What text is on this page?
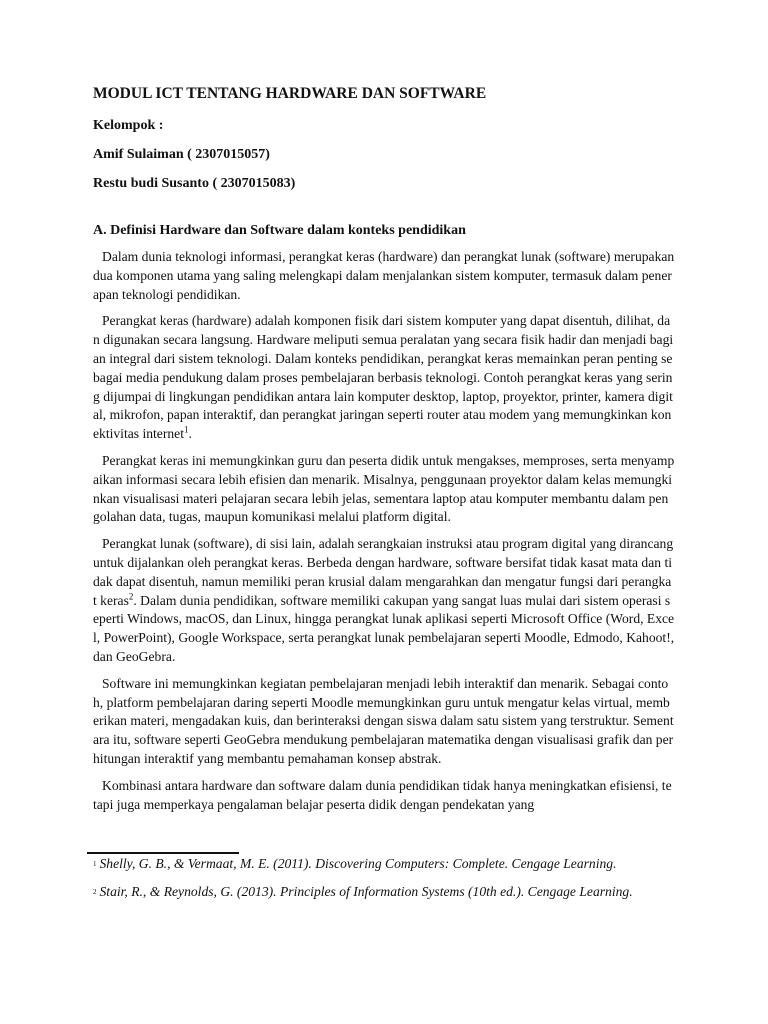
MODUL ICT TENTANG HARDWARE DAN SOFTWARE
Kelompok :
Amif Sulaiman ( 2307015057)
Restu budi Susanto ( 2307015083)
A. Definisi Hardware dan Software dalam konteks pendidikan

Dalam dunia teknologi informasi, perangkat keras (hardware) dan perangkat lunak (software) merupakan dua komponen utama yang saling melengkapi dalam menjalankan sistem komputer, termasuk dalam penerapan teknologi pendidikan.

Perangkat keras (hardware) adalah komponen fisik dari sistem komputer yang dapat disentuh, dilihat, dan digunakan secara langsung. Hardware meliputi semua peralatan yang secara fisik hadir dan menjadi bagian integral dari sistem teknologi. Dalam konteks pendidikan, perangkat keras memainkan peran penting sebagai media pendukung dalam proses pembelajaran berbasis teknologi. Contoh perangkat keras yang sering dijumpai di lingkungan pendidikan antara lain komputer desktop, laptop, proyektor, printer, kamera digital, mikrofon, papan interaktif, dan perangkat jaringan seperti router atau modem yang memungkinkan konektivitas internet$^1$.

Perangkat keras ini memungkinkan guru dan peserta didik untuk mengakses, memproses, serta menyampaikan informasi secara lebih efisien dan menarik. Misalnya, penggunaan proyektor dalam kelas memungkinkan visualisasi materi pelajaran secara lebih jelas, sementara laptop atau komputer membantu dalam pengolahan data, tugas, maupun komunikasi melalui platform digital.

Perangkat lunak (software), di sisi lain, adalah serangkaian instruksi atau program digital yang dirancang untuk dijalankan oleh perangkat keras. Berbeda dengan hardware, software bersifat tidak kasat mata dan tidak dapat disentuh, namun memiliki peran krusial dalam mengarahkan dan mengatur fungsi dari perangkat keras$^2$. Dalam dunia pendidikan, software memiliki cakupan yang sangat luas mulai dari sistem operasi seperti Windows, macOS, dan Linux, hingga perangkat lunak aplikasi seperti Microsoft Office (Word, Excel, PowerPoint), Google Workspace, serta perangkat lunak pembelajaran seperti Moodle, Edmodo, Kahoot!, dan GeoGebra.

Software ini memungkinkan kegiatan pembelajaran menjadi lebih interaktif dan menarik. Sebagai contoh, platform pembelajaran daring seperti Moodle memungkinkan guru untuk mengatur kelas virtual, memberikan materi, mengadakan kuis, dan berinteraksi dengan siswa dalam satu sistem yang terstruktur. Sementara itu, software seperti GeoGebra mendukung pembelajaran matematika dengan visualisasi grafik dan perhitungan interaktif yang membantu pemahaman konsep abstrak.

Kombinasi antara hardware dan software dalam dunia pendidikan tidak hanya meningkatkan efisiensi, tetapi juga memperkaya pengalaman belajar peserta didik dengan pendekatan yang

$^1$ Shelly, G. B., & Vermaat, M. E. (2011). Discovering Computers: Complete. Cengage Learning.

$^2$ Stair, R., & Reynolds, G. (2013). Principles of Information Systems (10th ed.). Cengage Learning.
